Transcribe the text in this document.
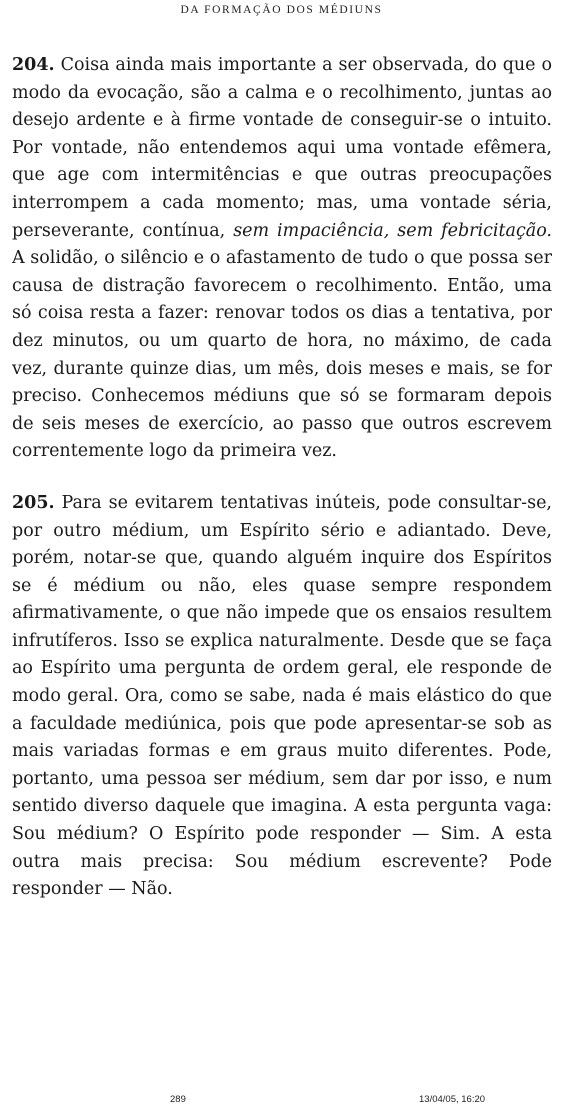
DA FORMAÇÃO DOS MÉDIUNS

204. Coisa ainda mais importante a ser observada, do que o modo da evocação, são a calma e o recolhimento, juntas ao desejo ardente e à firme vontade de conseguir-se o intuito. Por vontade, não entendemos aqui uma vontade efêmera, que age com intermitências e que outras preocupações interrompem a cada momento; mas, uma vontade séria, perseverante, contínua, sem impaciência, sem febricitação. A solidão, o silêncio e o afastamento de tudo o que possa ser causa de distração favorecem o recolhimento. Então, uma só coisa resta a fazer: renovar todos os dias a tentativa, por dez minutos, ou um quarto de hora, no máximo, de cada vez, durante quinze dias, um mês, dois meses e mais, se for preciso. Conhecemos médiuns que só se formaram depois de seis meses de exercício, ao passo que outros escrevem correntemente logo da primeira vez.

205. Para se evitarem tentativas inúteis, pode consultar-se, por outro médium, um Espírito sério e adiantado. Deve, porém, notar-se que, quando alguém inquire dos Espíritos se é médium ou não, eles quase sempre respondem afirmativamente, o que não impede que os ensaios resultem infrutíferos. Isso se explica naturalmente. Desde que se faça ao Espírito uma pergunta de ordem geral, ele responde de modo geral. Ora, como se sabe, nada é mais elástico do que a faculdade mediúnica, pois que pode apresentar-se sob as mais variadas formas e em graus muito diferentes. Pode, portanto, uma pessoa ser médium, sem dar por isso, e num sentido diverso daquele que imagina. A esta pergunta vaga: Sou médium? O Espírito pode responder — Sim. A esta outra mais precisa: Sou médium escrevente? Pode responder — Não.

289	13/04/05, 16:20
